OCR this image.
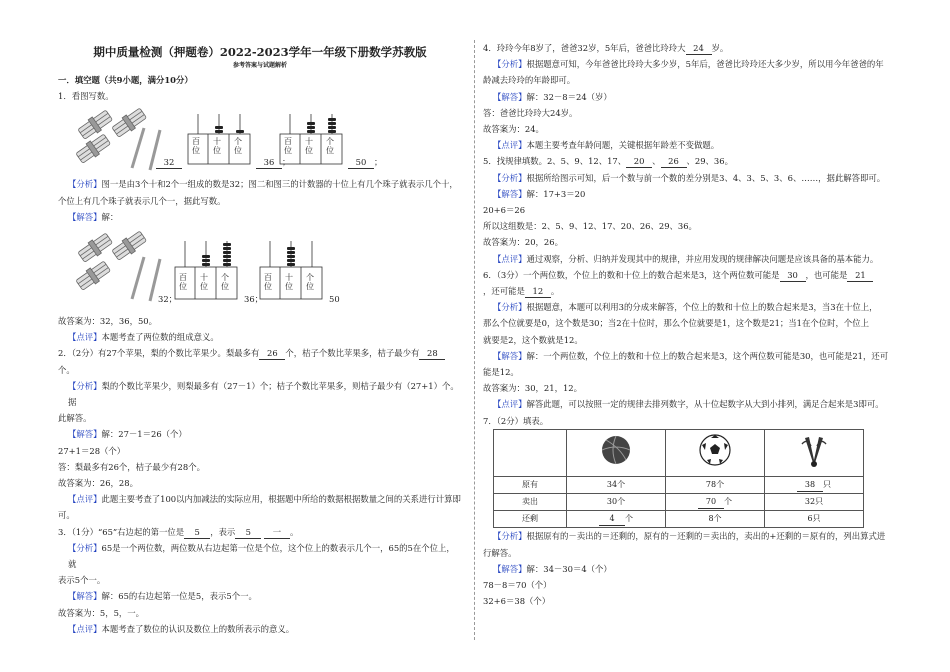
期中质量检测（押题卷）2022-2023学年一年级下册数学苏教版
参考答案与试题解析

一．填空题（共9小题，满分10分）

1．看图写数。

32
百
位
十
位
个
位
36 ；
百
位
十
位
个
位
50 ；

【分析】图一是由3个十和2个一组成的数是32；图二和图三的计数器的十位上有几个珠子就表示几个十，

个位上有几个珠子就表示几个一，据此写数。

【解答】解：

32；
百
位
十
位
个
位
36；
百
位
十
位
个
位
50

故答案为：32，36，50。

【点评】本题考查了两位数的组成意义。

2．（2分）有27个苹果，梨的个数比苹果少。梨最多有 26 个，桔子个数比苹果多，桔子最少有 28个。

【分析】梨的个数比苹果少，则梨最多有（27－1）个；桔子个数比苹果多，则桔子最少有（27+1）个。据

此解答。

【解答】解：27－1＝26（个）

27+1＝28（个）

答：梨最多有26个，桔子最少有28个。

故答案为：26，28。

【点评】此题主要考查了100以内加减法的实际应用，根据题中所给的数据根据数量之间的关系进行计算即

可。

3．（1分）“65”右边起的第一位是 5 ，表示 5	一 。

【分析】65是一个两位数，两位数从右边起第一位是个位，这个位上的数表示几个一，65的5在个位上，就

表示5个一。

【解答】解：65的右边起第一位是5，表示5个一。

故答案为：5，5，一。

【点评】本题考查了数位的认识及数位上的数所表示的意义。

4．玲玲今年8岁了，爸爸32岁，5年后，爸爸比玲玲大 24 岁。

【分析】根据题意可知，今年爸爸比玲玲大多少岁，5年后，爸爸比玲玲还大多少岁，所以用今年爸爸的年

龄减去玲玲的年龄即可。

【解答】解：32－8＝24（岁）

答：爸爸比玲玲大24岁。

故答案为：24。

【点评】本题主要考查年龄问题，关键根据年龄差不变做题。

5．找规律填数。2、5、9、12、17、 20 、 26 、29、36。

【分析】根据所给图示可知，后一个数与前一个数的差分别是3、4、3、5、3、6、……，据此解答即可。

【解答】解：17+3＝20

20+6＝26

所以这组数是：2、5、9、12、17、20、26、29、36。

故答案为：20，26。

【点评】通过观察，分析、归纳并发现其中的规律，并应用发现的规律解决问题是应该具备的基本能力。

6．（3分）一个两位数，个位上的数和十位上的数合起来是3，这个两位数可能是 30 ，也可能是 21

，还可能是 12 。

【分析】根据题意，本题可以利用3的分成来解答，个位上的数和十位上的数合起来是3，当3在十位上，

那么个位就要是0，这个数是30；当2在十位时，那么个位就要是1，这个数是21；当1在个位时，个位上

就要是2，这个数就是12。

【解答】解：一个两位数，个位上的数和十位上的数合起来是3，这个两位数可能是30，也可能是21，还可

能是12。

故答案为：30，21，12。

【点评】解答此题，可以按照一定的规律去排列数字，从十位起数字从大到小排列，满足合起来是3即可。

7．（2分）填表。

原有	34个	78个	38 只
卖出	30个	70 个	32只
还剩	4 个	8个	6只

【分析】根据原有的－卖出的＝还剩的，原有的－还剩的＝卖出的，卖出的+还剩的＝原有的，列出算式进

行解答。

【解答】解：34－30＝4（个）

78－8＝70（个）

32+6＝38（个）
